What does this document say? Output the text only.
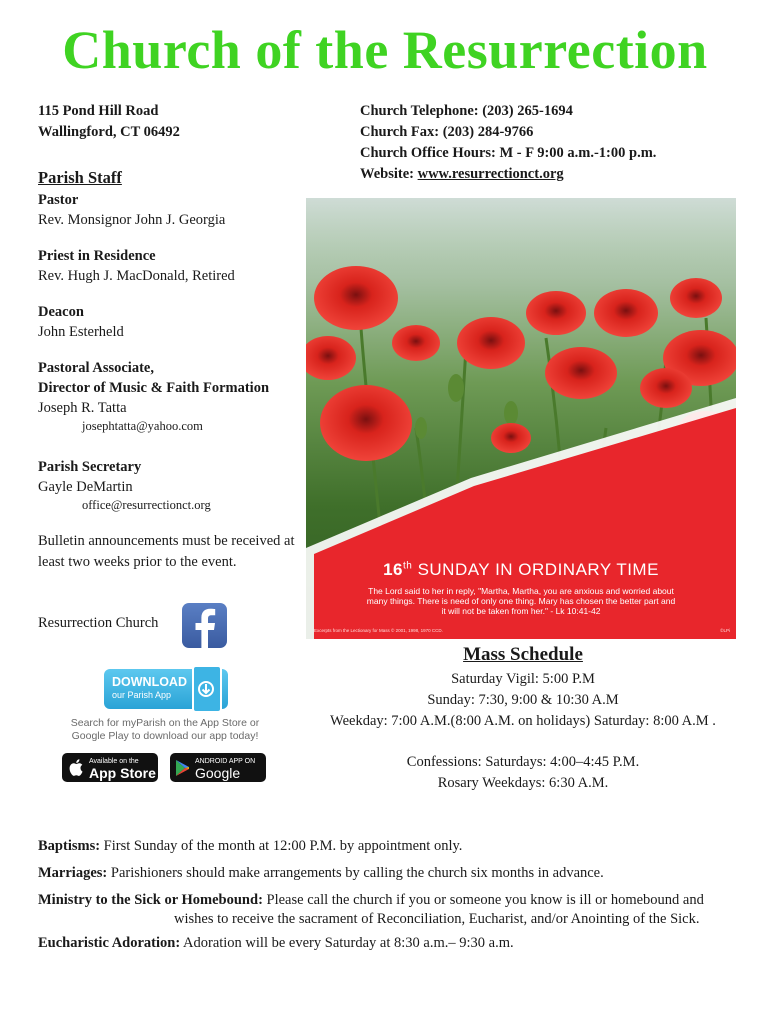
Church of the Resurrection
115 Pond Hill Road
Wallingford, CT 06492
Church Telephone: (203) 265-1694
Church Fax: (203) 284-9766
Church Office Hours: M - F 9:00 a.m.-1:00 p.m.
Website: www.resurrectionct.org
Parish Staff
Pastor
Rev. Monsignor John J. Georgia
Priest in Residence
Rev. Hugh J. MacDonald, Retired
Deacon
John Esterheld
Pastoral Associate,
Director of Music & Faith Formation
Joseph R. Tatta
josephtatta@yahoo.com
Parish Secretary
Gayle DeMartin
office@resurrectionct.org
Bulletin announcements must be received at
least two weeks prior to the event.
Resurrection Church
DOWNLOAD
our Parish App
Search for myParish on the App Store or
Google Play to download our app today!
Available on the
App Store
ANDROID APP ON
Google play
16th SUNDAY IN ORDINARY TIME
The Lord said to her in reply, "Martha, Martha, you are anxious and worried about
many things. There is need of only one thing. Mary has chosen the better part and
it will not be taken from her." - Lk 10:41-42
Excerpts from the Lectionary for Mass © 2001, 1998, 1970 CCD.	©LPi
Mass Schedule
Saturday Vigil: 5:00 P.M
Sunday: 7:30, 9:00 & 10:30 A.M
Weekday: 7:00 A.M.(8:00 A.M. on holidays) Saturday: 8:00 A.M .
Confessions: Saturdays: 4:00–4:45 P.M.
Rosary Weekdays: 6:30 A.M.
Baptisms: First Sunday of the month at 12:00 P.M. by appointment only.
Marriages: Parishioners should make arrangements by calling the church six months in advance.
Ministry to the Sick or Homebound: Please call the church if you or someone you know is ill or homebound and
wishes to receive the sacrament of Reconciliation, Eucharist, and/or Anointing of the Sick.
Eucharistic Adoration: Adoration will be every Saturday at 8:30 a.m.– 9:30 a.m.
